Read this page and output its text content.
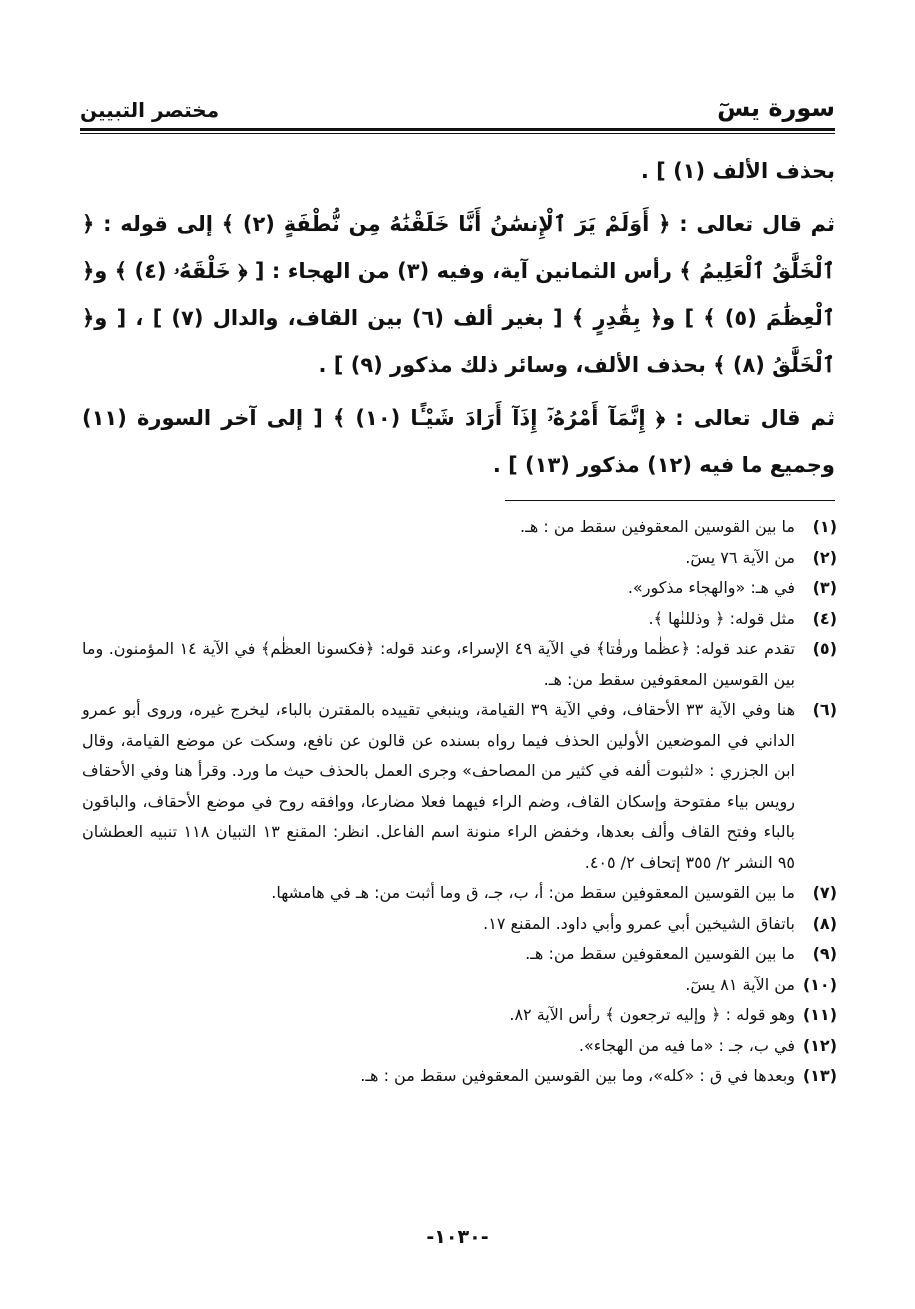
سورة يسٓ
مختصر التبيين

بحذف الألف (١) ] .

ثم قال تعالى : ﴿ أَوَلَمْ يَرَ ٱلْإِنسَٰنُ أَنَّا خَلَقْنَٰهُ مِن نُّطْفَةٍ (٢) ﴾ إلى قوله : ﴿ ٱلْخَلَّٰقُ ٱلْعَلِيمُ ﴾ رأس الثمانين آية، وفيه (٣) من الهجاء : [ ﴿ خَلْقَهُۥ (٤) ﴾ و﴿ ٱلْعِظَٰمَ (٥) ﴾ ] و﴿ بِقَٰدِرٍ ﴾ [ بغير ألف (٦) بين القاف، والدال (٧) ] ، [ و﴿ ٱلْخَلَّٰقُ (٨) ﴾ بحذف الألف، وسائر ذلك مذكور (٩) ] .

ثم قال تعالى : ﴿ إِنَّمَآ أَمْرُهُۥٓ إِذَآ أَرَادَ شَيْـًٔا (١٠) ﴾ [ إلى آخر السورة (١١) وجميع ما فيه (١٢) مذكور (١٣) ] .

(١)
ما بين القوسين المعقوفين سقط من : هـ.
(٢)
من الآية ٧٦ يسٓ.
(٣)
في هـ: «والهجاء مذكور».
(٤)
مثل قوله: ﴿ وذللنٰها ﴾.
(٥)
تقدم عند قوله: ﴿عظٰما ورفٰتا﴾ في الآية ٤٩ الإسراء، وعند قوله: ﴿فكسونا العظٰم﴾ في الآية ١٤ المؤمنون. وما بين القوسين المعقوفين سقط من: هـ.
(٦)
هنا وفي الآية ٣٣ الأحقاف، وفي الآية ٣٩ القيامة، وينبغي تقييده بالمقترن بالباء، ليخرج غيره، وروى أبو عمرو الداني في الموضعين الأولين الحذف فيما رواه بسنده عن قالون عن نافع، وسكت عن موضع القيامة، وقال ابن الجزري : «لثبوت ألفه في كثير من المصاحف» وجرى العمل بالحذف حيث ما ورد. وقرأ هنا وفي الأحقاف رويس بياء مفتوحة وإسكان القاف، وضم الراء فيهما فعلا مضارعا، ووافقه روح في موضع الأحقاف، والباقون بالباء وفتح القاف وألف بعدها، وخفض الراء منونة اسم الفاعل. انظر: المقنع ١٣ التبيان ١١٨ تنبيه العطشان ٩٥ النشر ٢/ ٣٥٥ إتحاف ٢/ ٤٠٥.
(٧)
ما بين القوسين المعقوفين سقط من: أ، ب، جـ، ق وما أثبت من: هـ في هامشها.
(٨)
باتفاق الشيخين أبي عمرو وأبي داود. المقنع ١٧.
(٩)
ما بين القوسين المعقوفين سقط من: هـ.
(١٠)
من الآية ٨١ يسٓ.
(١١)
وهو قوله : ﴿ وإليه ترجعون ﴾ رأس الآية ٨٢.
(١٢)
في ب، جـ : «ما فيه من الهجاء».
(١٣)
وبعدها في ق : «كله»، وما بين القوسين المعقوفين سقط من : هـ.
-١٠٣٠-
